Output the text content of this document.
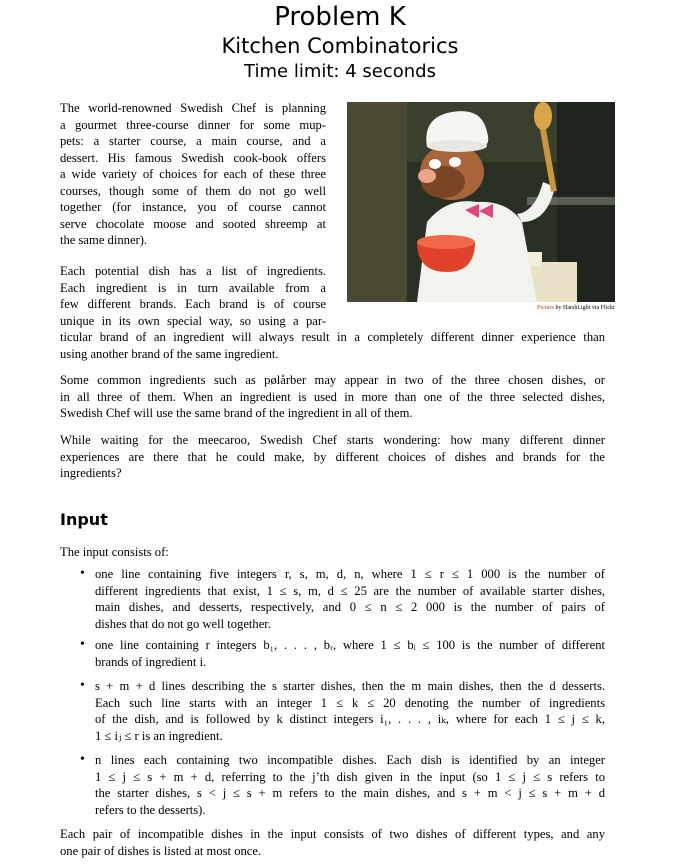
Problem K
Kitchen Combinatorics
Time limit: 4 seconds
The world-renowned Swedish Chef is planning
a gourmet three-course dinner for some mup-
pets: a starter course, a main course, and a
dessert. His famous Swedish cook-book offers
a wide variety of choices for each of these three
courses, though some of them do not go well
together (for instance, you of course cannot
serve chocolate moose and sooted shreemp at
the same dinner).
Picture by HarshLight via Flickr
Each potential dish has a list of ingredients.
Each ingredient is in turn available from a
few different brands. Each brand is of course
unique in its own special way, so using a par-
ticular brand of an ingredient will always result in a completely different dinner experience than
using another brand of the same ingredient.
Some common ingredients such as pølårber may appear in two of the three chosen dishes, or
in all three of them. When an ingredient is used in more than one of the three selected dishes,
Swedish Chef will use the same brand of the ingredient in all of them.
While waiting for the meecaroo, Swedish Chef starts wondering: how many different dinner
experiences are there that he could make, by different choices of dishes and brands for the
ingredients?
Input
The input consists of:
• one line containing five integers r, s, m, d, n, where 1 ≤ r ≤ 1 000 is the number of
different ingredients that exist, 1 ≤ s, m, d ≤ 25 are the number of available starter dishes,
main dishes, and desserts, respectively, and 0 ≤ n ≤ 2 000 is the number of pairs of
dishes that do not go well together.
• one line containing r integers b₁, . . . , bᵣ, where 1 ≤ bᵢ ≤ 100 is the number of different
brands of ingredient i.
• s + m + d lines describing the s starter dishes, then the m main dishes, then the d desserts.
Each such line starts with an integer 1 ≤ k ≤ 20 denoting the number of ingredients
of the dish, and is followed by k distinct integers i₁, . . . , iₖ, where for each 1 ≤ j ≤ k,
1 ≤ iⱼ ≤ r is an ingredient.
• n lines each containing two incompatible dishes. Each dish is identified by an integer
1 ≤ j ≤ s + m + d, referring to the j’th dish given in the input (so 1 ≤ j ≤ s refers to
the starter dishes, s < j ≤ s + m refers to the main dishes, and s + m < j ≤ s + m + d
refers to the desserts).
Each pair of incompatible dishes in the input consists of two dishes of different types, and any
one pair of dishes is listed at most once.
